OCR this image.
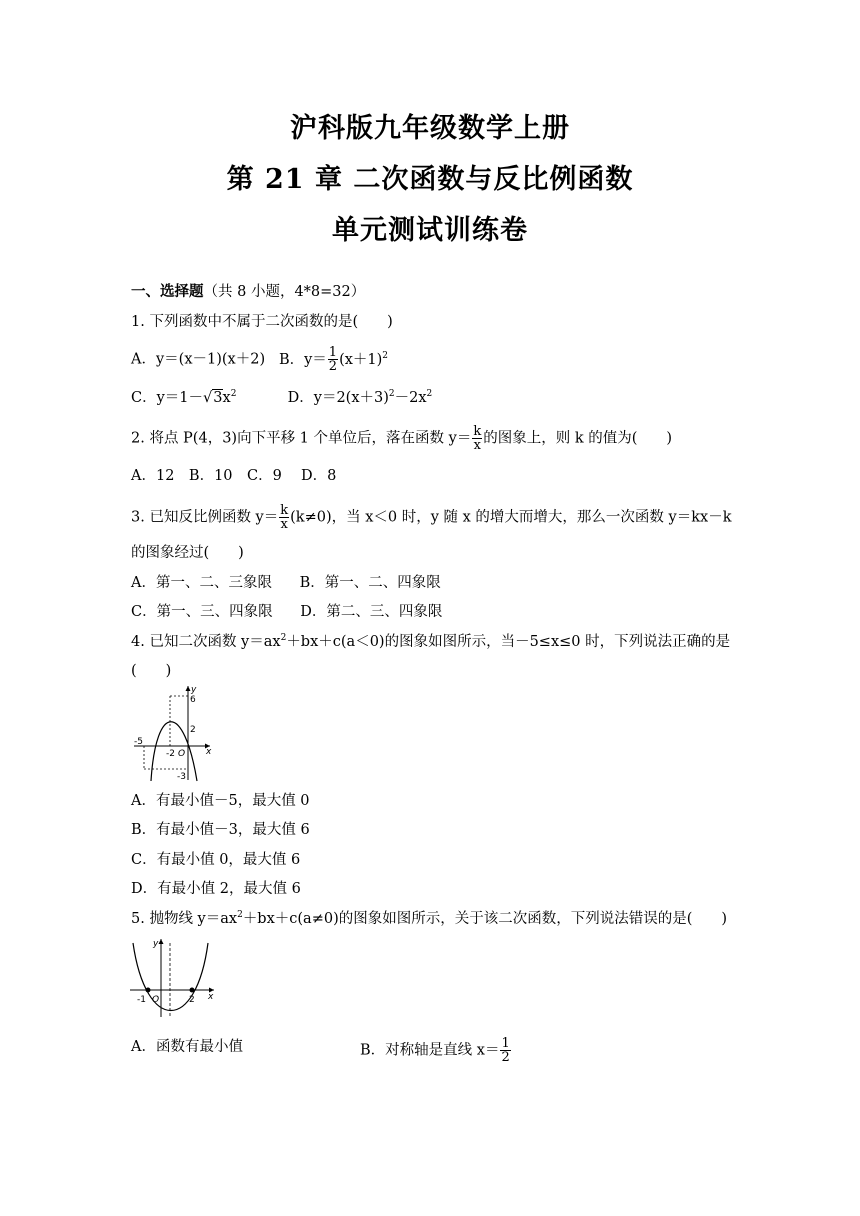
沪科版九年级数学上册
第 21 章 二次函数与反比例函数
单元测试训练卷
一、选择题（共 8 小题，4*8=32）
1. 下列函数中不属于二次函数的是(　　)
A．y＝(x－1)(x＋2) B．$y= \frac{1}{2} (x+1)^2$
C．$y=1-√3x^2$	D．$y=2(x+3)^2-2x^2$
2. 将点 P(4，3)向下平移 1 个单位后，落在函数 $y= \frac{k}{x}$ 的图象上，则 k 的值为(　　)
A．12　B．10　C．9　 D．8
3. 已知反比例函数 $y= \frac{k}{x} (k\ne 0)$，当 x＜0 时，y 随 x 的增大而增大，那么一次函数 y＝kx－k
的图象经过(　　)
A．第一、二、三象限 B．第一、二、四象限
C．第一、三、四象限 D．第二、三、四象限
4. 已知二次函数 $y=ax^2+bx+c(a<0)$的图象如图所示，当－5≤x≤0 时，下列说法正确的是
(　　)
y
x
6
2
-5
-2 O
-3
A．有最小值－5，最大值 0
B．有最小值－3，最大值 6
C．有最小值 0，最大值 6
D．有最小值 2，最大值 6
5. 抛物线 $y=ax^2+bx+c(a\ne 0)$的图象如图所示，关于该二次函数，下列说法错误的是(　　)
y
x
-1 O	2
A．函数有最小值	B．对称轴是直线 $x= \frac{1}{2}$
